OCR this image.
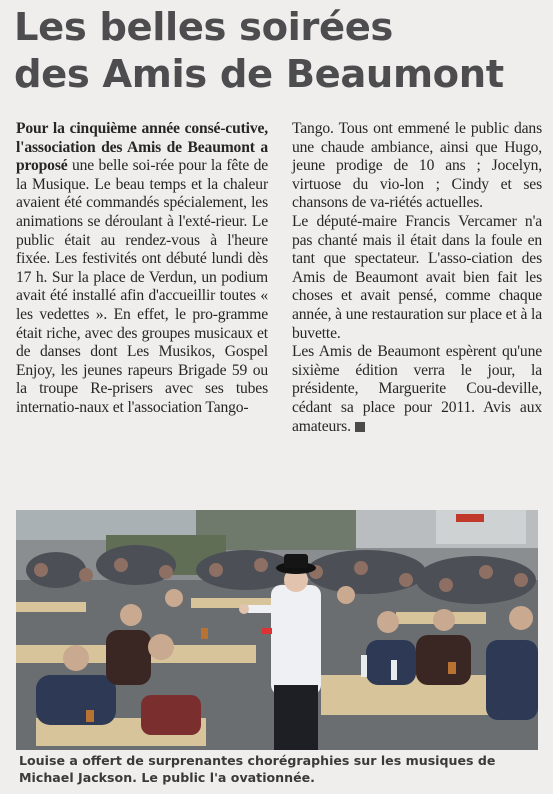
Les belles soirées
des Amis de Beaumont

Pour la cinquième année consé-cutive, l'association des Amis de Beaumont a proposé une belle soi-rée pour la fête de la Musique. Le beau temps et la chaleur avaient été commandés spécialement, les animations se déroulant à l'exté-rieur. Le public était au rendez-vous à l'heure fixée. Les festivités ont débuté lundi dès 17 h. Sur la place de Verdun, un podium avait été installé afin d'accueillir toutes « les vedettes ». En effet, le pro-gramme était riche, avec des groupes musicaux et de danses dont Les Musikos, Gospel Enjoy, les jeunes rapeurs Brigade 59 ou la troupe Re-prisers avec ses tubes internatio-naux et l'association Tango-

Tango. Tous ont emmené le public dans une chaude ambiance, ainsi que Hugo, jeune prodige de 10 ans ; Jocelyn, virtuose du vio-lon ; Cindy et ses chansons de va-riétés actuelles.

Le député-maire Francis Vercamer n'a pas chanté mais il était dans la foule en tant que spectateur. L'asso-ciation des Amis de Beaumont avait bien fait les choses et avait pensé, comme chaque année, à une restauration sur place et à la buvette.

Les Amis de Beaumont espèrent qu'une sixième édition verra le jour, la présidente, Marguerite Cou-deville, cédant sa place pour 2011. Avis aux amateurs.

Louise a offert de surprenantes chorégraphies sur les musiques de Michael Jackson. Le public l'a ovationnée.
